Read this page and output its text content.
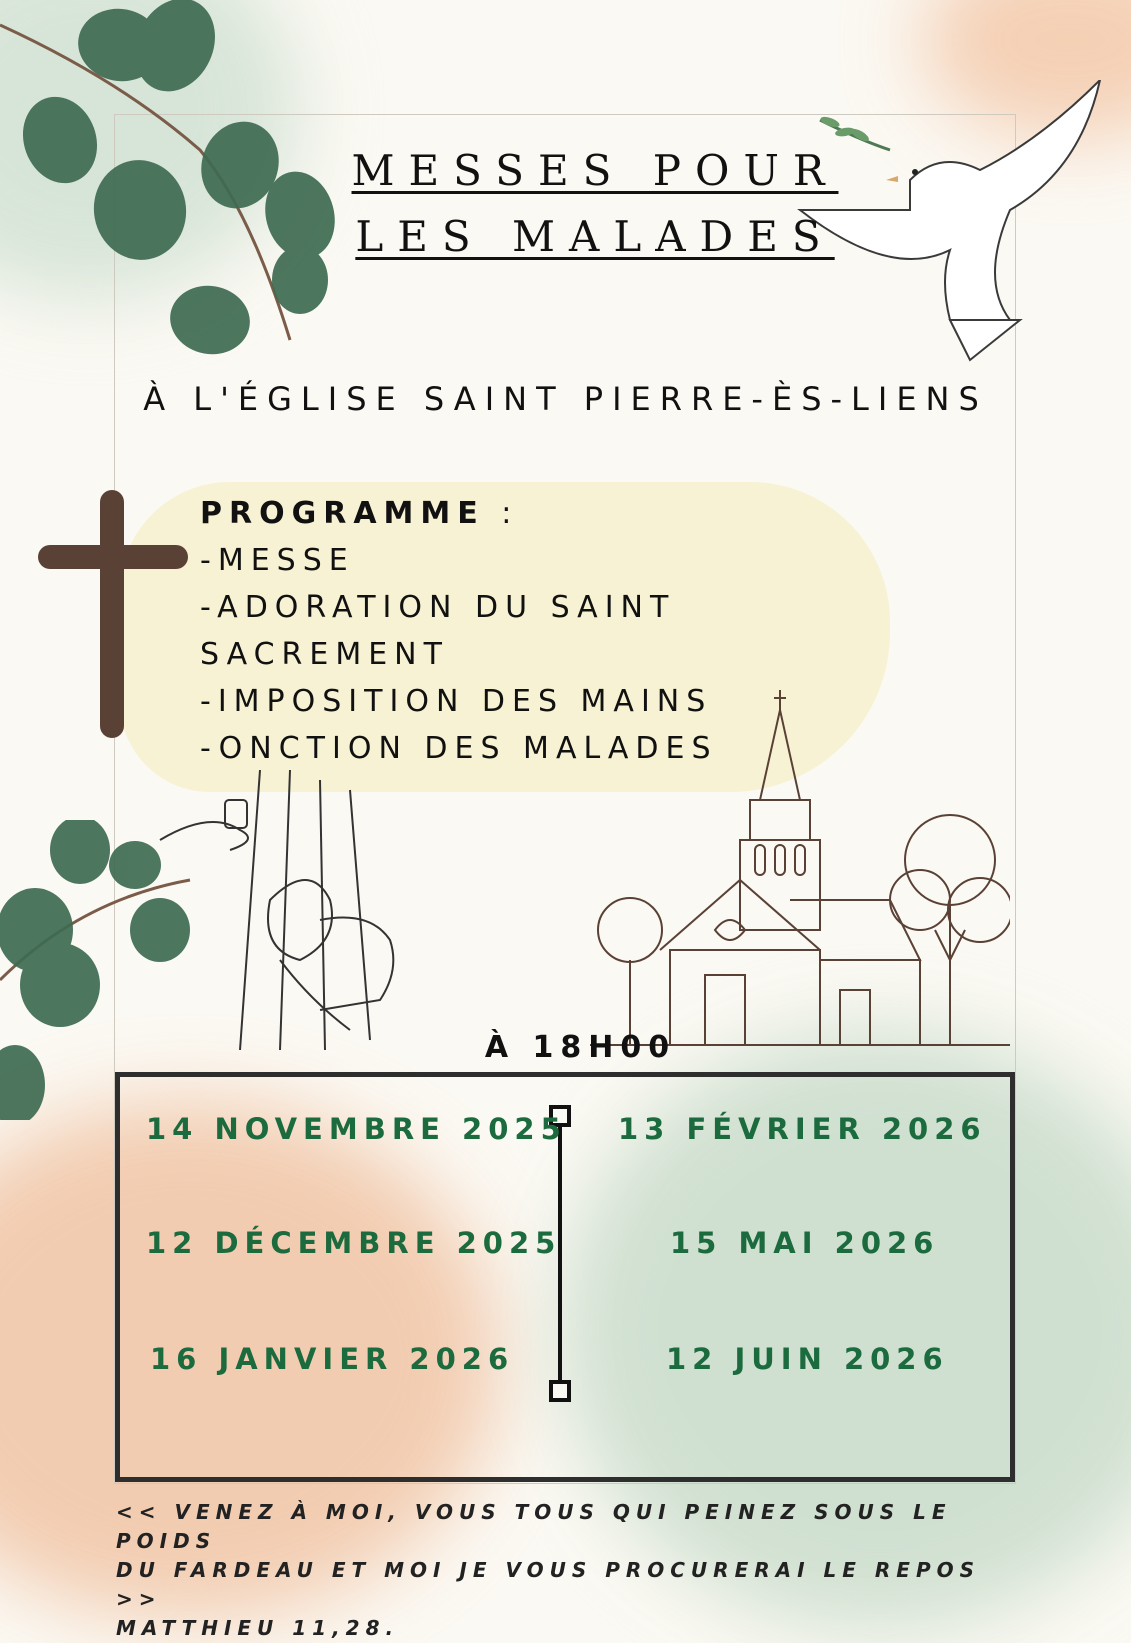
MESSES POUR
LES MALADES
À L'ÉGLISE SAINT PIERRE-ÈS-LIENS
PROGRAMME :
-MESSE
-ADORATION DU SAINT
SACREMENT
-IMPOSITION DES MAINS
-ONCTION DES MALADES
À 18H00
14 NOVEMBRE 2025
12 DÉCEMBRE 2025
16 JANVIER 2026
13 FÉVRIER 2026
15 MAI 2026
12 JUIN 2026
<< VENEZ À MOI, VOUS TOUS QUI PEINEZ SOUS LE POIDS
DU FARDEAU ET MOI JE VOUS PROCURERAI LE REPOS >>
MATTHIEU 11,28.
